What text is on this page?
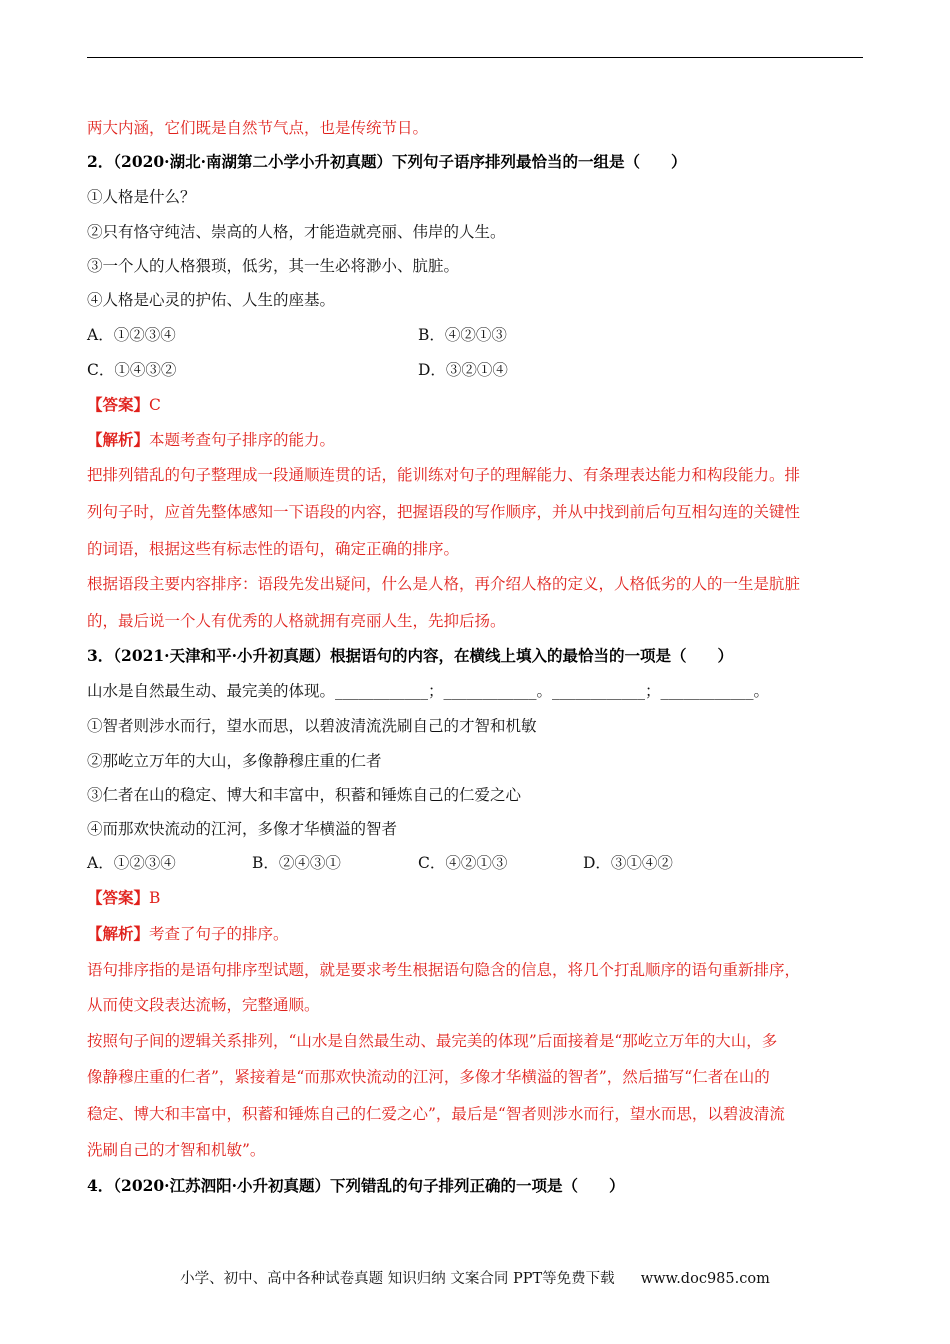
两大内涵，它们既是自然节气点，也是传统节日。
2．（2020·湖北·南湖第二小学小升初真题）下列句子语序排列最恰当的一组是（　　）
①人格是什么？
②只有恪守纯洁、崇高的人格，才能造就亮丽、伟岸的人生。
③一个人的人格猥琐，低劣，其一生必将渺小、肮脏。
④人格是心灵的护佑、人生的座基。
A．①②③④	B．④②①③
C．①④③②	D．③②①④
【答案】C
【解析】本题考查句子排序的能力。
把排列错乱的句子整理成一段通顺连贯的话，能训练对句子的理解能力、有条理表达能力和构段能力。排
列句子时，应首先整体感知一下语段的内容，把握语段的写作顺序，并从中找到前后句互相勾连的关键性
的词语，根据这些有标志性的语句，确定正确的排序。
根据语段主要内容排序：语段先发出疑问，什么是人格，再介绍人格的定义，人格低劣的人的一生是肮脏
的，最后说一个人有优秀的人格就拥有亮丽人生，先抑后扬。
3．（2021·天津和平·小升初真题）根据语句的内容，在横线上填入的最恰当的一项是（　　）
山水是自然最生动、最完美的体现。____________；____________。____________；____________。
①智者则涉水而行，望水而思，以碧波清流洗刷自己的才智和机敏
②那屹立万年的大山，多像静穆庄重的仁者
③仁者在山的稳定、博大和丰富中，积蓄和锤炼自己的仁爱之心
④而那欢快流动的江河，多像才华横溢的智者
A．①②③④	B．②④③①	C．④②①③	D．③①④②
【答案】B
【解析】考查了句子的排序。
语句排序指的是语句排序型试题，就是要求考生根据语句隐含的信息，将几个打乱顺序的语句重新排序，
从而使文段表达流畅，完整通顺。
按照句子间的逻辑关系排列，“山水是自然最生动、最完美的体现”后面接着是“那屹立万年的大山，多
像静穆庄重的仁者”，紧接着是“而那欢快流动的江河，多像才华横溢的智者”，然后描写“仁者在山的
稳定、博大和丰富中，积蓄和锤炼自己的仁爱之心”，最后是“智者则涉水而行，望水而思，以碧波清流
洗刷自己的才智和机敏”。
4．（2020·江苏泗阳·小升初真题）下列错乱的句子排列正确的一项是（　　）
小学、初中、高中各种试卷真题 知识归纳 文案合同 PPT等免费下载 www.doc985.com
